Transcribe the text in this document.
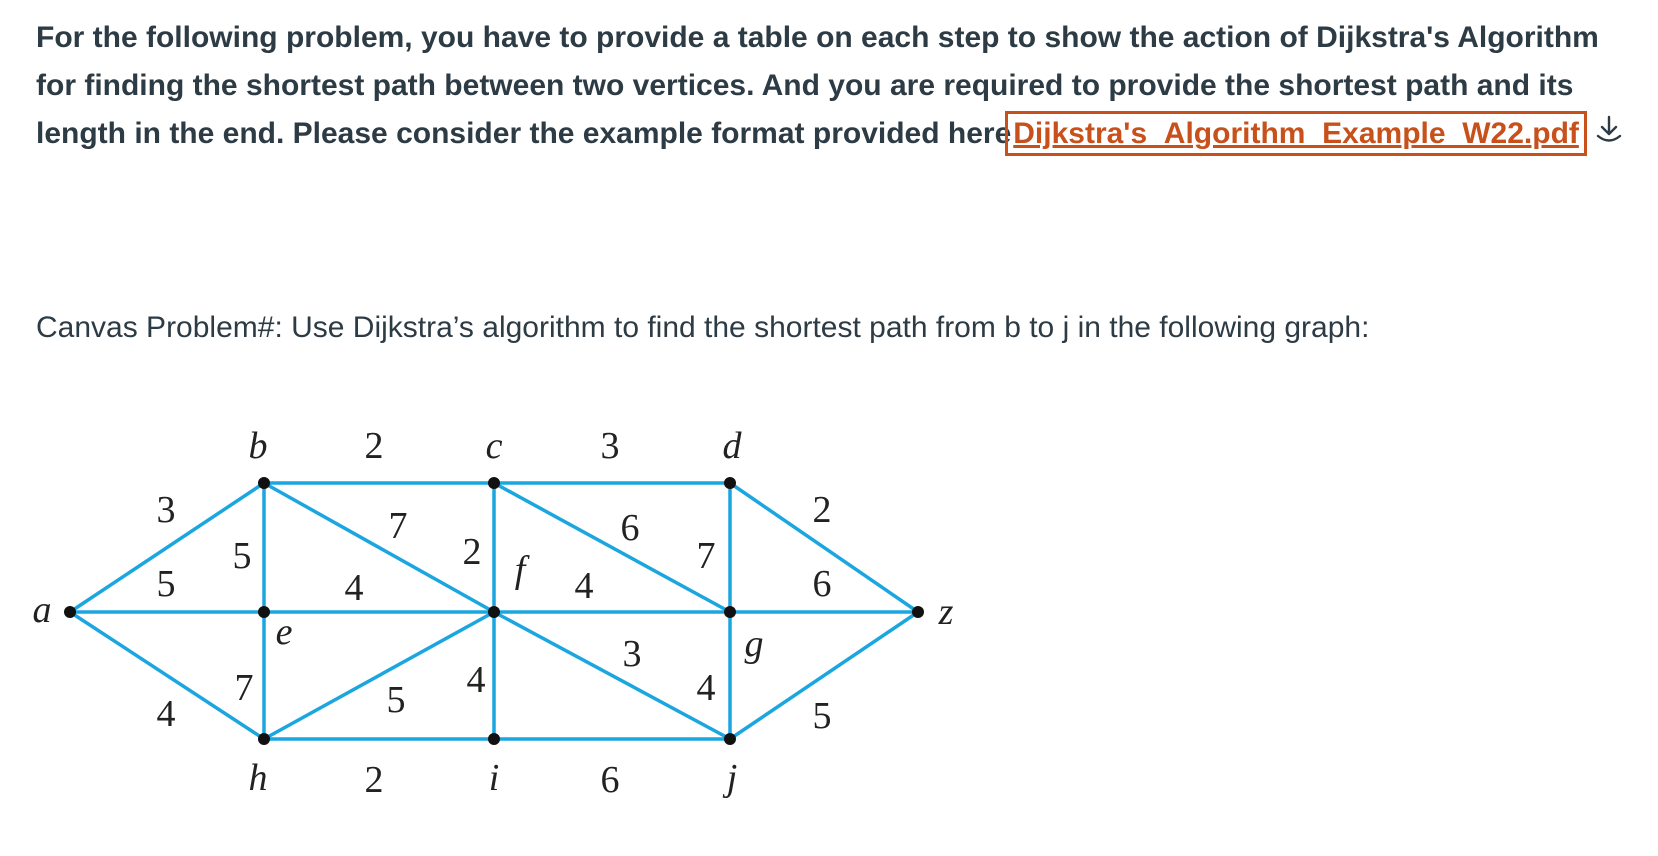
For the following problem, you have to provide a table on each step to show the action of Dijkstra's Algorithm
for finding the shortest path between two vertices. And you are required to provide the shortest path and its
length in the end. Please consider the example format provided hereDijkstra's_Algorithm_Example_W22.pdf
Canvas Problem#: Use Dijkstra’s algorithm to find the shortest path from b to j in the following graph:
a
b	c	d
e
f
g
h	i	j
z
2	3
3	7	6	2
5	2	7
5	4	4	6
3
4
5
7	4
4	5
2	6
